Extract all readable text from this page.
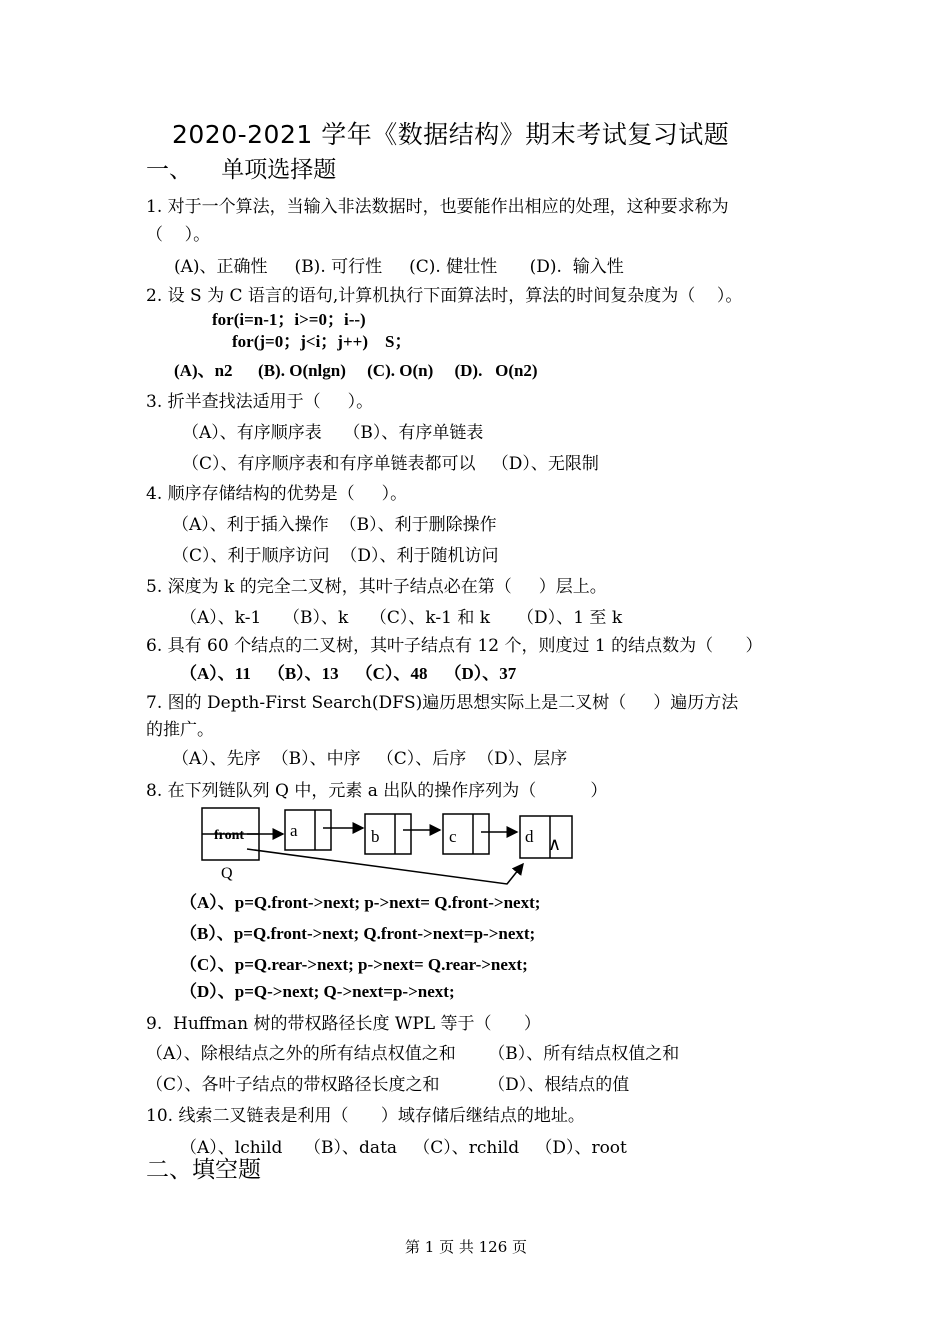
2020-2021 学年《数据结构》期末考试复习试题
一、    单项选择题
1. 对于一个算法，当输入非法数据时，也要能作出相应的处理，这种要求称为
（    ）。
(A)、正确性     (B). 可行性     (C). 健壮性      (D).  输入性
2. 设 S 为 C 语言的语句,计算机执行下面算法时，算法的时间复杂度为（    ）。
for(i=n-1；i>=0；i--)
for(j=0；j<i；j++)    S；
(A)、n2      (B). O(nlgn)     (C). O(n)     (D).   O(n2)
3. 折半查找法适用于（     ）。
（A）、有序顺序表    （B）、有序单链表
（C）、有序顺序表和有序单链表都可以   （D）、无限制
4. 顺序存储结构的优势是（     ）。
（A）、利于插入操作  （B）、利于删除操作
（C）、利于顺序访问  （D）、利于随机访问
5. 深度为 k 的完全二叉树，其叶子结点必在第（     ）层上。
（A）、k-1    （B）、k    （C）、k-1 和 k     （D）、1 至 k
6. 具有 60 个结点的二叉树，其叶子结点有 12 个，则度过 1 的结点数为（      ）
（A）、11    （B）、13    （C）、48    （D）、37
7. 图的 Depth-First Search(DFS)遍历思想实际上是二叉树（     ）遍历方法
的推广。
（A）、先序  （B）、中序   （C）、后序  （D）、层序
8. 在下列链队列 Q 中，元素 a 出队的操作序列为（          ）
front
Q
a	b	c	d ∧
（A）、p=Q.front->next; p->next= Q.front->next;
（B）、p=Q.front->next; Q.front->next=p->next;
（C）、p=Q.rear->next; p->next= Q.rear->next;
（D）、p=Q->next; Q->next=p->next;
9.  Huffman 树的带权路径长度 WPL 等于（      ）
（A）、除根结点之外的所有结点权值之和      （B）、所有结点权值之和
（C）、各叶子结点的带权路径长度之和         （D）、根结点的值
10. 线索二叉链表是利用（      ）域存储后继结点的地址。
（A）、lchild    （B）、data   （C）、rchild   （D）、root
二、填空题
第 1 页 共 126 页
